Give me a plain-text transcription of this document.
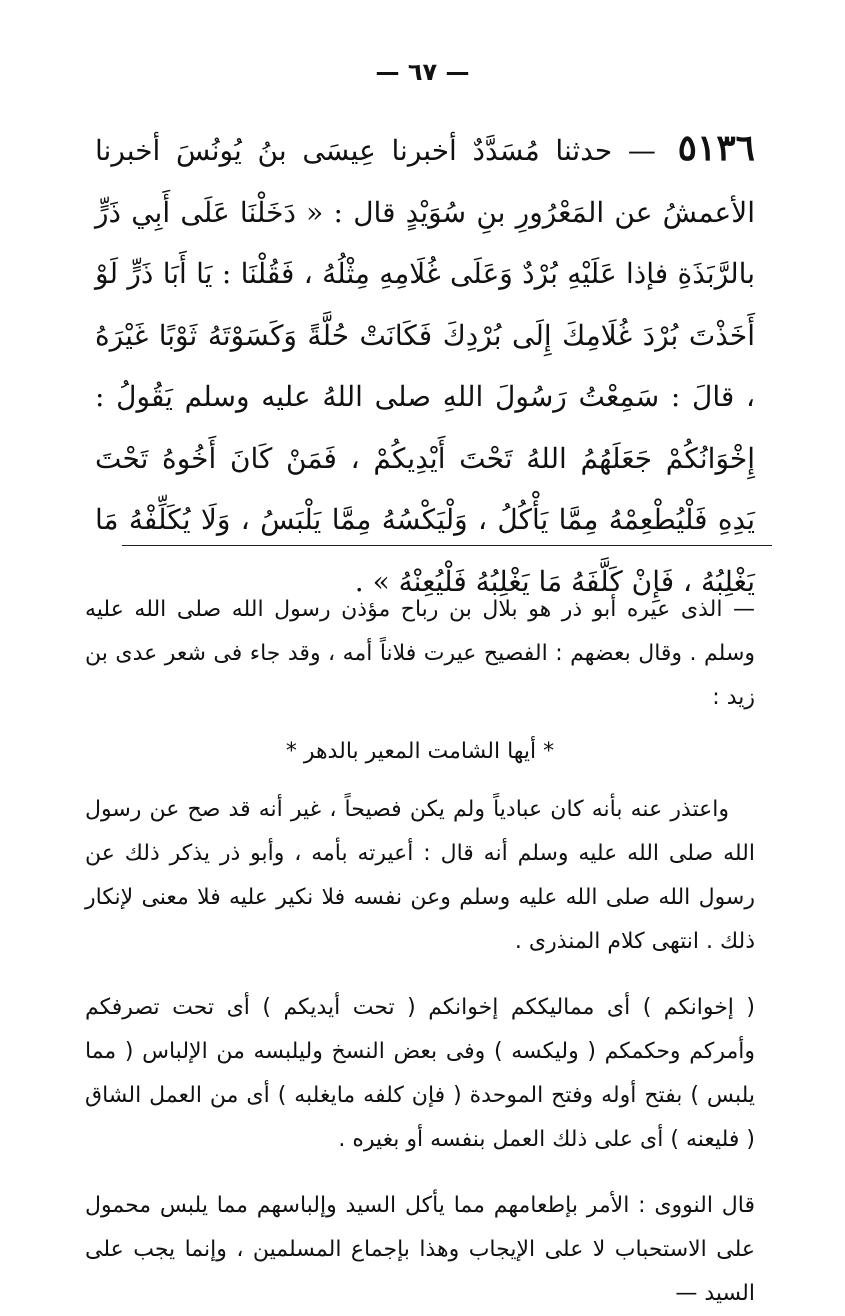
— ٦٧ —
٥١٣٦ — حدثنا مُسَدَّدٌ أخبرنا عِيسَى بنُ يُونُسَ أخبرنا الأعمشُ عن المَعْرُورِ بنِ سُوَيْدٍ قال : « دَخَلْنَا عَلَى أَبِي ذَرٍّ بالرَّبَذَةِ فإذا عَلَيْهِ بُرْدٌ وَعَلَى غُلَامِهِ مِثْلُهُ ، فَقُلْنَا : يَا أَبَا ذَرٍّ لَوْ أَخَذْتَ بُرْدَ غُلَامِكَ إِلَى بُرْدِكَ فَكَانَتْ حُلَّةً وَكَسَوْتَهُ ثَوْبًا غَيْرَهُ ، قالَ : سَمِعْتُ رَسُولَ اللهِ صلى اللهُ عليه وسلم يَقُولُ : إِخْوَانُكُمْ جَعَلَهُمُ اللهُ تَحْتَ أَيْدِيكُمْ ، فَمَنْ كَانَ أَخُوهُ تَحْتَ يَدِهِ فَلْيُطْعِمْهُ مِمَّا يَأْكُلُ ، وَلْيَكْسُهُ مِمَّا يَلْبَسُ ، وَلَا يُكَلِّفْهُ مَا يَغْلِبُهُ ، فَإِنْ كَلَّفَهُ مَا يَغْلِبُهُ فَلْيُعِنْهُ » .

— الذى عيره أبو ذر هو بلال بن رباح مؤذن رسول الله صلى الله عليه وسلم . وقال بعضهم : الفصيح عيرت فلاناً أمه ، وقد جاء فى شعر عدى بن زيد :

* أيها الشامت المعير بالدهر *

واعتذر عنه بأنه كان عبادياً ولم يكن فصيحاً ، غير أنه قد صح عن رسول الله صلى الله عليه وسلم أنه قال : أعيرته بأمه ، وأبو ذر يذكر ذلك عن رسول الله صلى الله عليه وسلم وعن نفسه فلا نكير عليه فلا معنى لإنكار ذلك . انتهى كلام المنذرى .

( إخوانكم ) أى مماليككم إخوانكم ( تحت أيديكم ) أى تحت تصرفكم وأمركم وحكمكم ( وليكسه ) وفى بعض النسخ وليلبسه من الإلباس ( مما يلبس ) بفتح أوله وفتح الموحدة ( فإن كلفه مايغلبه ) أى من العمل الشاق ( فليعنه ) أى على ذلك العمل بنفسه أو بغيره .

قال النووى : الأمر بإطعامهم مما يأكل السيد وإلباسهم مما يلبس محمول على الاستحباب لا على الإيجاب وهذا بإجماع المسلمين ، وإنما يجب على السيد —
